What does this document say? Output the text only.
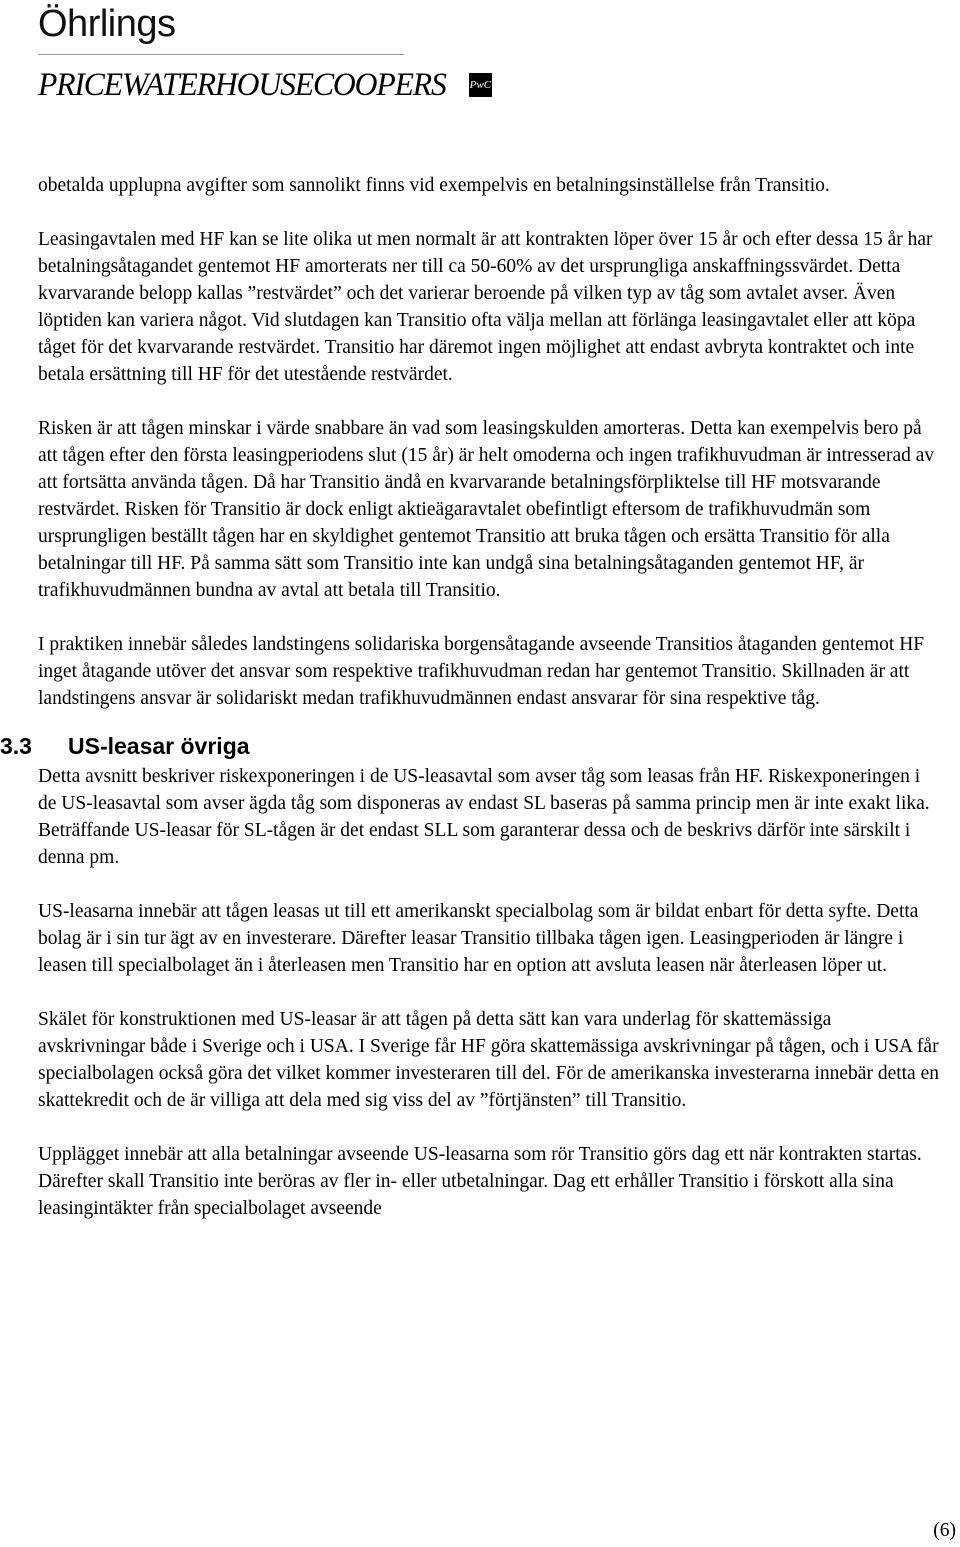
Öhrlings
PRICEWATERHOUSECOOPERS PwC

obetalda upplupna avgifter som sannolikt finns vid exempelvis en betalningsinställelse från Transitio.

Leasingavtalen med HF kan se lite olika ut men normalt är att kontrakten löper över 15 år och efter dessa 15 år har betalningsåtagandet gentemot HF amorterats ner till ca 50-60% av det ursprungliga anskaffningssvärdet. Detta kvarvarande belopp kallas ”restvärdet” och det varierar beroende på vilken typ av tåg som avtalet avser. Även löptiden kan variera något. Vid slutdagen kan Transitio ofta välja mellan att förlänga leasingavtalet eller att köpa tåget för det kvarvarande restvärdet. Transitio har däremot ingen möjlighet att endast avbryta kontraktet och inte betala ersättning till HF för det utestående restvärdet.

Risken är att tågen minskar i värde snabbare än vad som leasingskulden amorteras. Detta kan exempelvis bero på att tågen efter den första leasingperiodens slut (15 år) är helt omoderna och ingen trafikhuvudman är intresserad av att fortsätta använda tågen. Då har Transitio ändå en kvarvarande betalningsförpliktelse till HF motsvarande restvärdet. Risken för Transitio är dock enligt aktieägaravtalet obefintligt eftersom de trafikhuvudmän som ursprungligen beställt tågen har en skyldighet gentemot Transitio att bruka tågen och ersätta Transitio för alla betalningar till HF. På samma sätt som Transitio inte kan undgå sina betalningsåtaganden gentemot HF, är trafikhuvudmännen bundna av avtal att betala till Transitio.

I praktiken innebär således landstingens solidariska borgensåtagande avseende Transitios åtaganden gentemot HF inget åtagande utöver det ansvar som respektive trafikhuvudman redan har gentemot Transitio. Skillnaden är att landstingens ansvar är solidariskt medan trafikhuvudmännen endast ansvarar för sina respektive tåg.

3.3 US-leasar övriga

Detta avsnitt beskriver riskexponeringen i de US-leasavtal som avser tåg som leasas från HF. Riskexponeringen i de US-leasavtal som avser ägda tåg som disponeras av endast SL baseras på samma princip men är inte exakt lika. Beträffande US-leasar för SL-tågen är det endast SLL som garanterar dessa och de beskrivs därför inte särskilt i denna pm.

US-leasarna innebär att tågen leasas ut till ett amerikanskt specialbolag som är bildat enbart för detta syfte. Detta bolag är i sin tur ägt av en investerare. Därefter leasar Transitio tillbaka tågen igen. Leasingperioden är längre i leasen till specialbolaget än i återleasen men Transitio har en option att avsluta leasen när återleasen löper ut.

Skälet för konstruktionen med US-leasar är att tågen på detta sätt kan vara underlag för skattemässiga avskrivningar både i Sverige och i USA. I Sverige får HF göra skattemässiga avskrivningar på tågen, och i USA får specialbolagen också göra det vilket kommer investeraren till del. För de amerikanska investerarna innebär detta en skattekredit och de är villiga att dela med sig viss del av ”förtjänsten” till Transitio.

Upplägget innebär att alla betalningar avseende US-leasarna som rör Transitio görs dag ett när kontrakten startas. Därefter skall Transitio inte beröras av fler in- eller utbetalningar. Dag ett erhåller Transitio i förskott alla sina leasingintäkter från specialbolaget avseende

(6)
